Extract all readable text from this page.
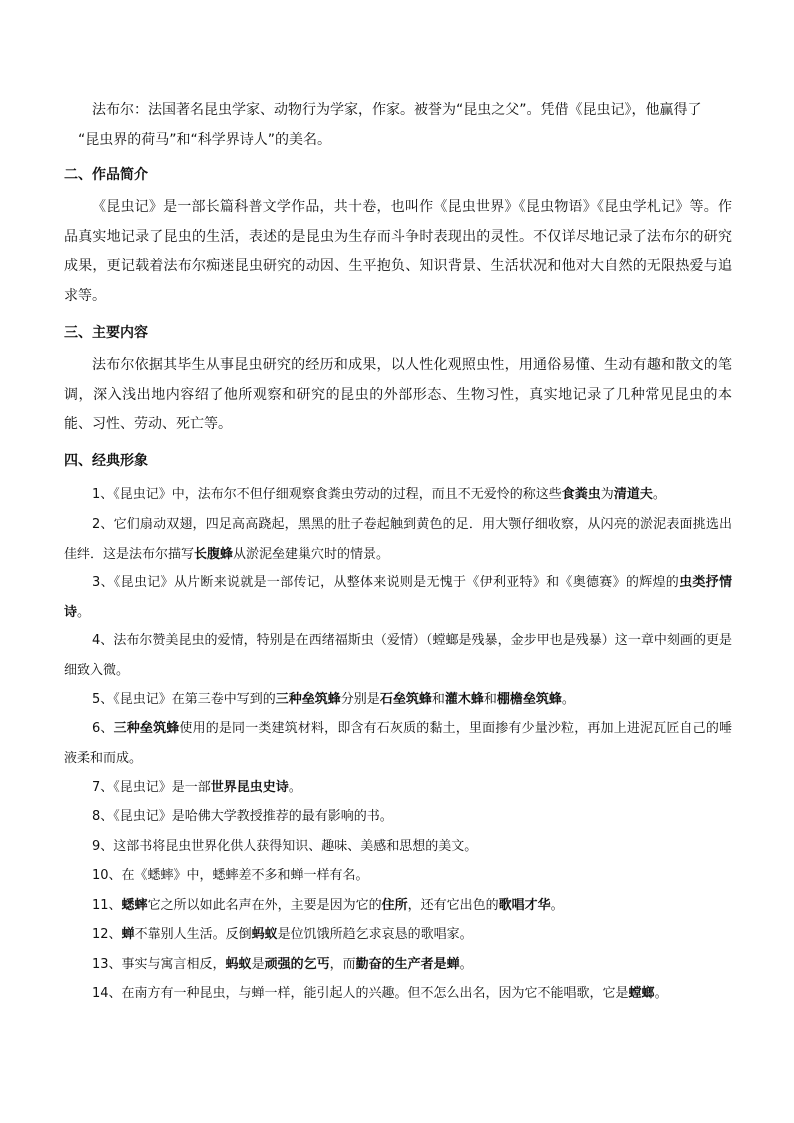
法布尔：法国著名昆虫学家、动物行为学家，作家。被誉为“昆虫之父”。凭借《昆虫记》，他赢得了
“昆虫界的荷马”和“科学界诗人”的美名。

二、作品简介

《昆虫记》是一部长篇科普文学作品，共十卷，也叫作《昆虫世界》《昆虫物语》《昆虫学札记》等。作品真实地记录了昆虫的生活，表述的是昆虫为生存而斗争时表现出的灵性。不仅详尽地记录了法布尔的研究成果，更记载着法布尔痴迷昆虫研究的动因、生平抱负、知识背景、生活状况和他对大自然的无限热爱与追求等。

三、主要内容

法布尔依据其毕生从事昆虫研究的经历和成果，以人性化观照虫性，用通俗易懂、生动有趣和散文的笔调，深入浅出地内容绍了他所观察和研究的昆虫的外部形态、生物习性，真实地记录了几种常见昆虫的本能、习性、劳动、死亡等。

四、经典形象

1、《昆虫记》中，法布尔不但仔细观察食粪虫劳动的过程，而且不无爱怜的称这些食粪虫为清道夫。

2、它们扇动双翅，四足高高跷起，黑黑的肚子卷起触到黄色的足．用大颚仔细收察，从闪亮的淤泥表面挑选出佳绊．这是法布尔描写长腹蜂从淤泥垒建巢穴时的情景。

3、《昆虫记》从片断来说就是一部传记，从整体来说则是无愧于《伊利亚特》和《奥德赛》的辉煌的虫类抒情诗。

4、法布尔赞美昆虫的爱情，特别是在西绪福斯虫（爱情）（螳螂是残暴，金步甲也是残暴）这一章中刻画的更是细致入微。

5、《昆虫记》在第三卷中写到的三种垒筑蜂分别是石垒筑蜂和灌木蜂和棚檐垒筑蜂。

6、三种垒筑蜂使用的是同一类建筑材料，即含有石灰质的黏土，里面掺有少量沙粒，再加上进泥瓦匠自己的唾液柔和而成。

7、《昆虫记》是一部世界昆虫史诗。

8、《昆虫记》是哈佛大学教授推荐的最有影响的书。

9、这部书将昆虫世界化供人获得知识、趣味、美感和思想的美文。

10、在《蟋蟀》中，蟋蟀差不多和蝉一样有名。

11、蟋蟀它之所以如此名声在外，主要是因为它的住所，还有它出色的歌唱才华。

12、蝉不靠别人生活。反倒蚂蚁是位饥饿所趋乞求哀恳的歌唱家。

13、事实与寓言相反，蚂蚁是顽强的乞丐，而勤奋的生产者是蝉。

14、在南方有一种昆虫，与蝉一样，能引起人的兴趣。但不怎么出名，因为它不能唱歌，它是螳螂。
